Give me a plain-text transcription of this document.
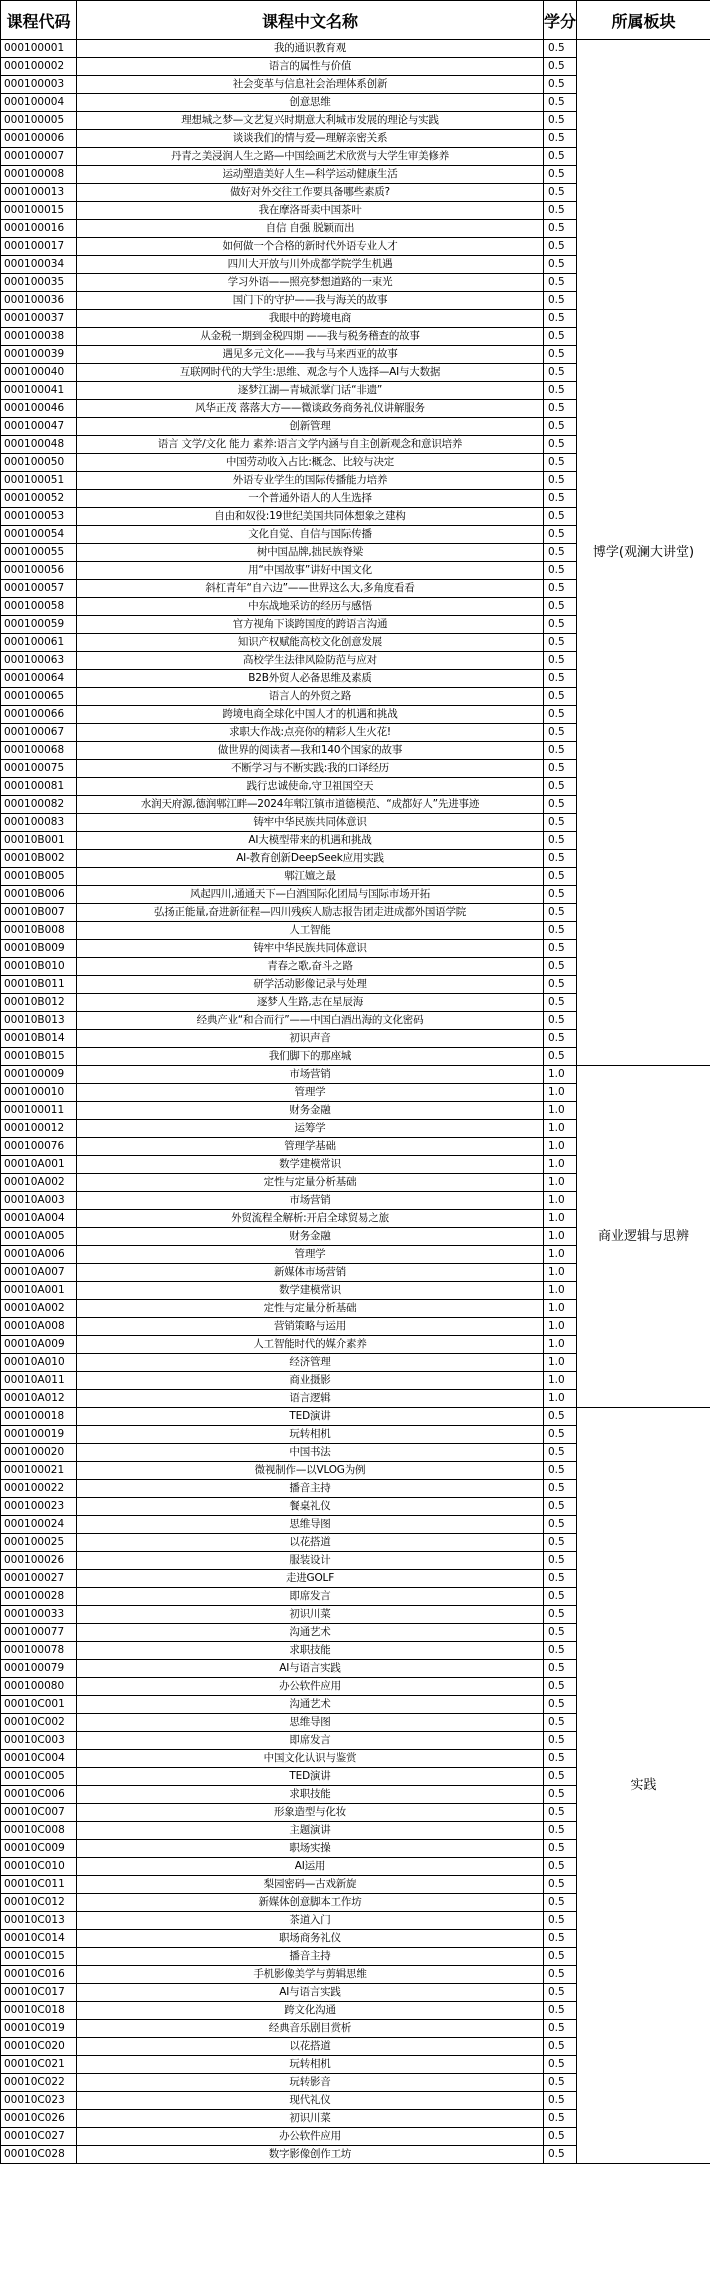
课程代码	课程中文名称	学分	所属板块
000100001	我的通识教育观	0.5	博学(观澜大讲堂)
000100002	语言的属性与价值	0.5	
000100003	社会变革与信息社会治理体系创新	0.5	
000100004	创意思维	0.5	
000100005	理想城之梦—文艺复兴时期意大利城市发展的理论与实践	0.5	
000100006	谈谈我们的情与爱—理解亲密关系	0.5	
000100007	丹青之美浸润人生之路—中国绘画艺术欣赏与大学生审美修养	0.5	
000100008	运动塑造美好人生—科学运动健康生活	0.5	
000100013	做好对外交往工作要具备哪些素质?	0.5	
000100015	我在摩洛哥卖中国茶叶	0.5	
000100016	自信 自强 脱颖而出	0.5	
000100017	如何做一个合格的新时代外语专业人才	0.5	
000100034	四川大开放与川外成都学院学生机遇	0.5	
000100035	学习外语——照亮梦想道路的一束光	0.5	
000100036	国门下的守护——我与海关的故事	0.5	
000100037	我眼中的跨境电商	0.5	
000100038	从金税一期到金税四期 ——我与税务稽查的故事	0.5	
000100039	遇见多元文化——我与马来西亚的故事	0.5	
000100040	互联网时代的大学生:思维、观念与个人选择—AI与大数据	0.5	
000100041	逐梦江湖—青城派掌门话“非遗”	0.5	
000100046	风华正茂 落落大方——微谈政务商务礼仪讲解服务	0.5	
000100047	创新管理	0.5	
000100048	语言 文学/文化 能力 素养:语言文学内涵与自主创新观念和意识培养	0.5	
000100050	中国劳动收入占比:概念、比较与决定	0.5	
000100051	外语专业学生的国际传播能力培养	0.5	
000100052	一个普通外语人的人生选择	0.5	
000100053	自由和奴役:19世纪美国共同体想象之建构	0.5	
000100054	文化自觉、自信与国际传播	0.5	
000100055	树中国品牌,拙民族脊梁	0.5	
000100056	用“中国故事”讲好中国文化	0.5	
000100057	斜杠青年“自六边”——世界这么大,多角度看看	0.5	
000100058	中东战地采访的经历与感悟	0.5	
000100059	官方视角下谈跨国度的跨语言沟通	0.5	
000100061	知识产权赋能高校文化创意发展	0.5	
000100063	高校学生法律风险防范与应对	0.5	
000100064	B2B外贸人必备思维及素质	0.5	
000100065	语言人的外贸之路	0.5	
000100066	跨境电商全球化中国人才的机遇和挑战	0.5	
000100067	求职大作战:点亮你的精彩人生火花!	0.5	
000100068	做世界的阅读者—我和140个国家的故事	0.5	
000100075	不断学习与不断实践:我的口译经历	0.5	
000100081	践行忠诚使命,守卫祖国空天	0.5	
000100082	水润天府源,德润郫江畔—2024年郫江镇市道德模范、“成都好人”先进事迹	0.5	
000100083	铸牢中华民族共同体意识	0.5	
00010B001	AI大模型带来的机遇和挑战	0.5	
00010B002	AI-教育创新DeepSeek应用实践	0.5	
00010B005	郫江嬗之最	0.5	
00010B006	风起四川,通通天下—白酒国际化团局与国际市场开拓	0.5	
00010B007	弘扬正能量,奋进新征程—四川残疾人励志报告团走进成都外国语学院	0.5	
00010B008	人工智能	0.5	
00010B009	铸牢中华民族共同体意识	0.5	
00010B010	青春之歌,奋斗之路	0.5	
00010B011	研学活动影像记录与处理	0.5	
00010B012	逐梦人生路,志在星辰海	0.5	
00010B013	经典产业“和合而行”——中国白酒出海的文化密码	0.5	
00010B014	初识声音	0.5	
00010B015	我们脚下的那座城	0.5	
000100009	市场营销	1.0	商业逻辑与思辨
000100010	管理学	1.0	
000100011	财务金融	1.0	
000100012	运筹学	1.0	
000100076	管理学基础	1.0	
00010A001	数学建模常识	1.0	
00010A002	定性与定量分析基础	1.0	
00010A003	市场营销	1.0	
00010A004	外贸流程全解析:开启全球贸易之旅	1.0	
00010A005	财务金融	1.0	
00010A006	管理学	1.0	
00010A007	新媒体市场营销	1.0	
00010A001	数学建模常识	1.0	
00010A002	定性与定量分析基础	1.0	
00010A008	营销策略与运用	1.0	
00010A009	人工智能时代的媒介素养	1.0	
00010A010	经济管理	1.0	
00010A011	商业摄影	1.0	
00010A012	语言逻辑	1.0	
000100018	TED演讲	0.5	实践
000100019	玩转相机	0.5	
000100020	中国书法	0.5	
000100021	微视制作—以VLOG为例	0.5	
000100022	播音主持	0.5	
000100023	餐桌礼仪	0.5	
000100024	思维导图	0.5	
000100025	以花搭道	0.5	
000100026	服装设计	0.5	
000100027	走进GOLF	0.5	
000100028	即席发言	0.5	
000100033	初识川菜	0.5	
000100077	沟通艺术	0.5	
000100078	求职技能	0.5	
000100079	AI与语言实践	0.5	
000100080	办公软件应用	0.5	
00010C001	沟通艺术	0.5	
00010C002	思维导图	0.5	
00010C003	即席发言	0.5	
00010C004	中国文化认识与鉴赏	0.5	
00010C005	TED演讲	0.5	
00010C006	求职技能	0.5	
00010C007	形象造型与化妆	0.5	
00010C008	主题演讲	0.5	
00010C009	职场实操	0.5	
00010C010	AI运用	0.5	
00010C011	梨园密码—古戏新旋	0.5	
00010C012	新媒体创意脚本工作坊	0.5	
00010C013	茶道入门	0.5	
00010C014	职场商务礼仪	0.5	
00010C015	播音主持	0.5	
00010C016	手机影像美学与剪辑思维	0.5	
00010C017	AI与语言实践	0.5	
00010C018	跨文化沟通	0.5	
00010C019	经典音乐剧目赏析	0.5	
00010C020	以花搭道	0.5	
00010C021	玩转相机	0.5	
00010C022	玩转影音	0.5	
00010C023	现代礼仪	0.5	
00010C026	初识川菜	0.5	
00010C027	办公软件应用	0.5	
00010C028	数字影像创作工坊	0.5	
